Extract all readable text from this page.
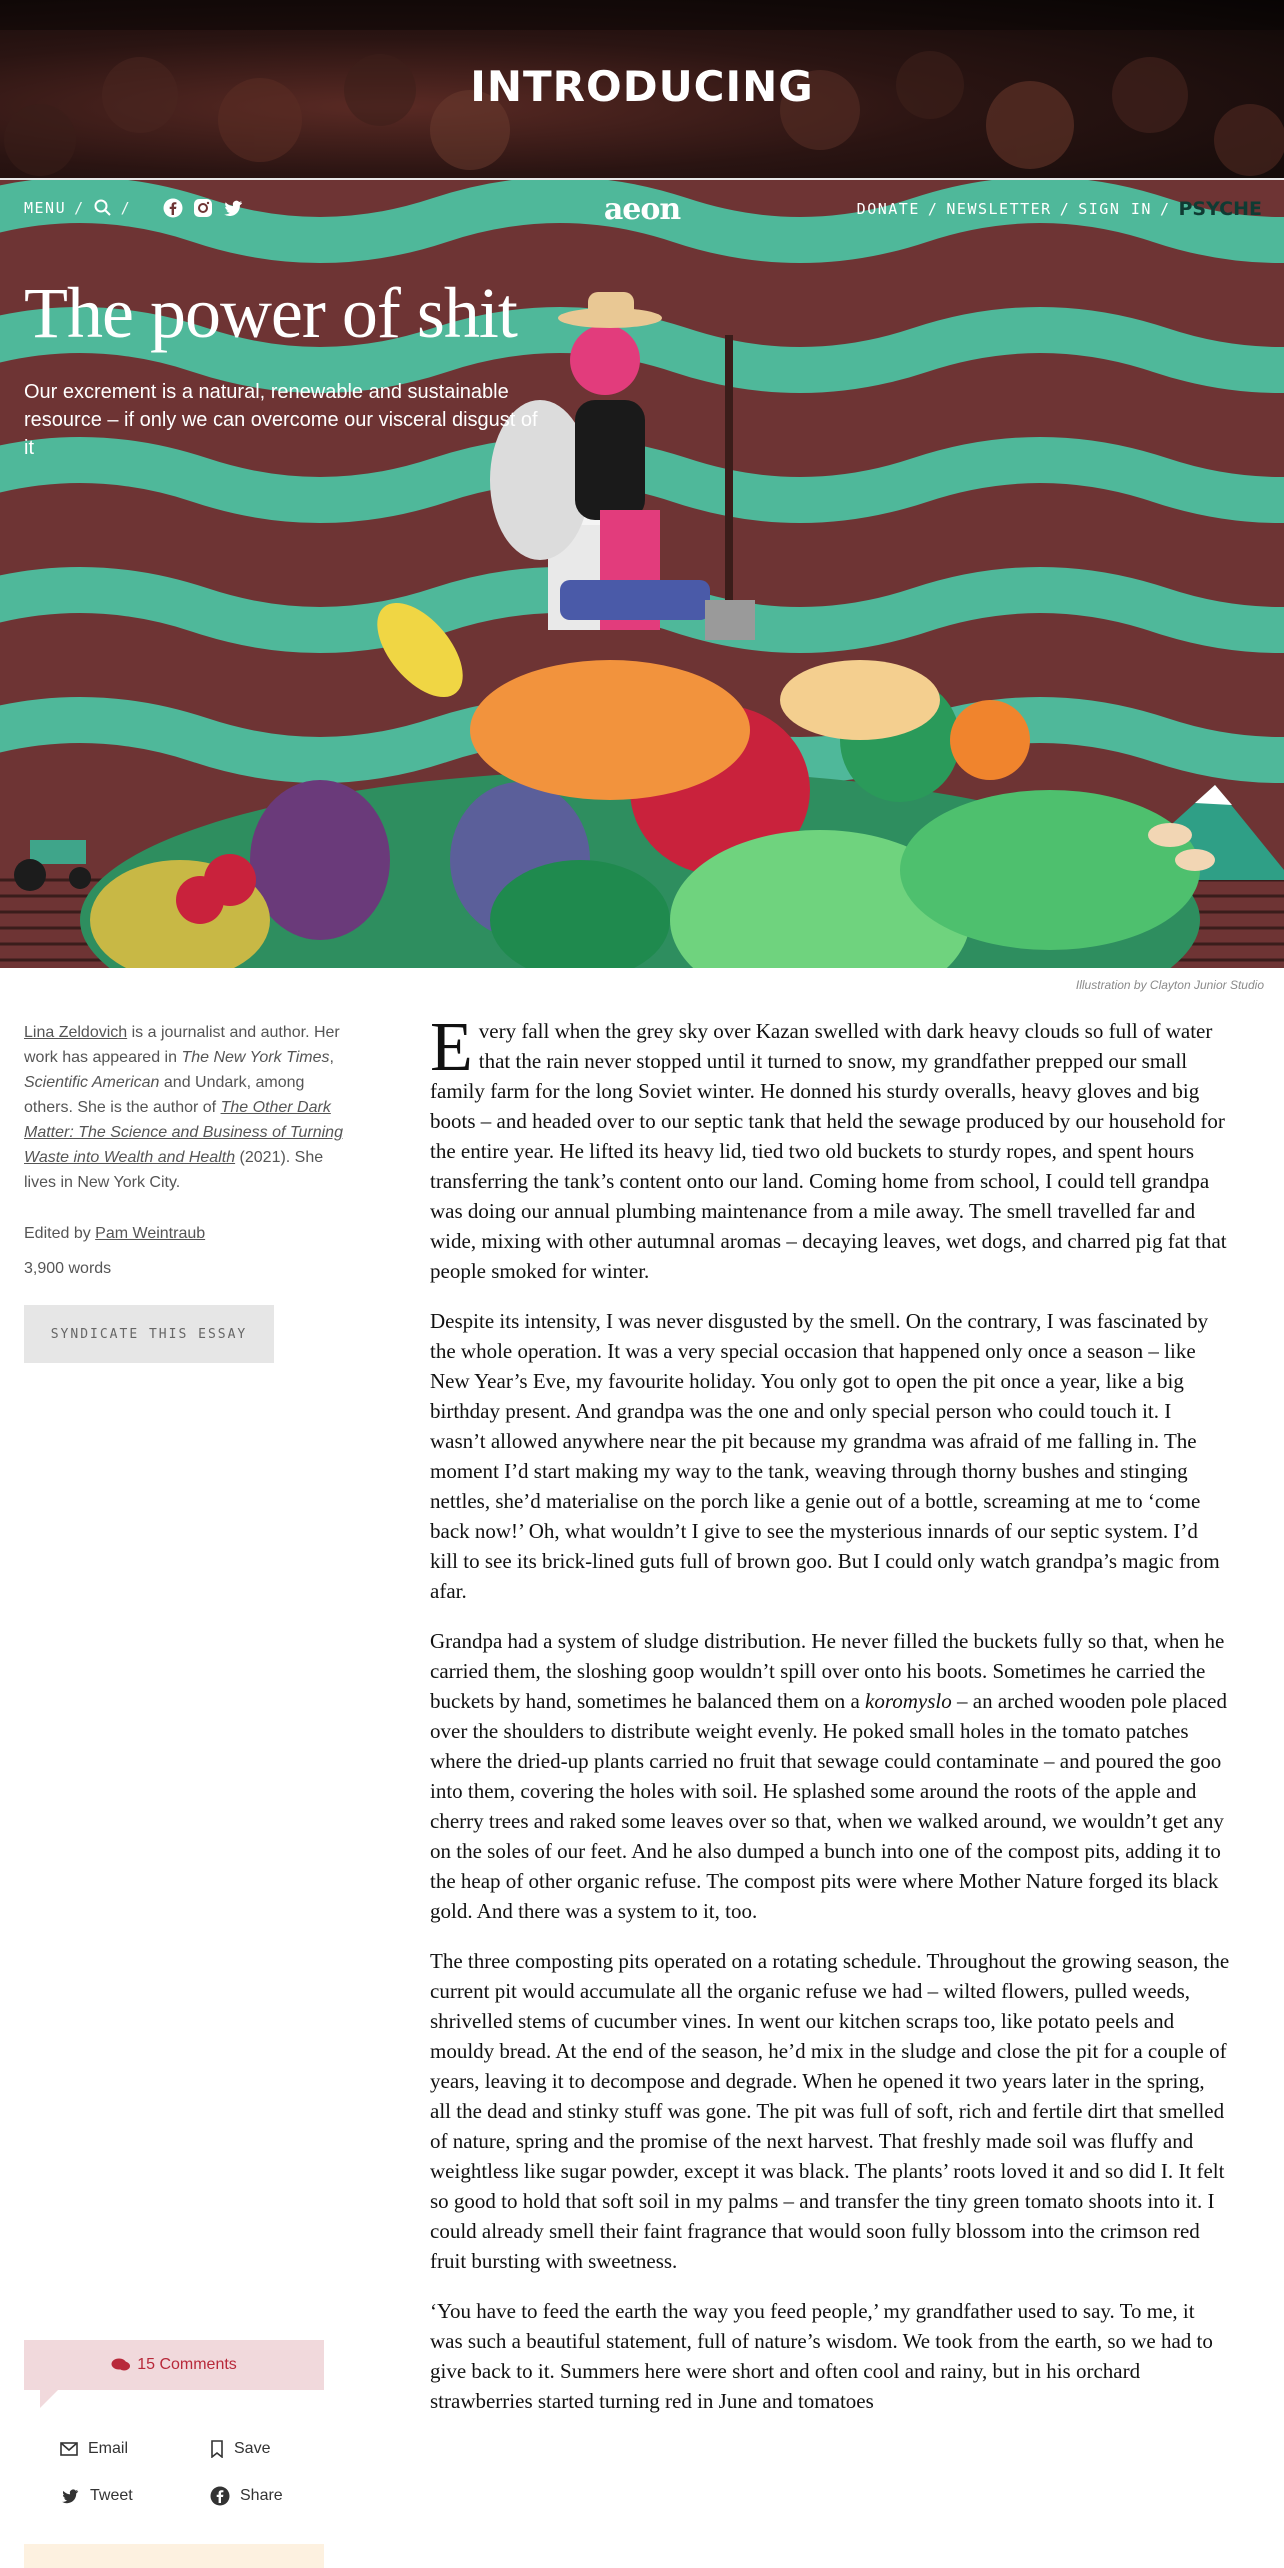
INTRODUCING
MENU / /	aeon	DONATE / NEWSLETTER / SIGN IN / PSYCHE
The power of shit
Our excrement is a natural, renewable and sustainable resource – if only we can overcome our visceral disgust of it
Illustration by Clayton Junior Studio
Lina Zeldovich is a journalist and author. Her work has appeared in The New York Times, Scientific American and Undark, among others. She is the author of The Other Dark Matter: The Science and Business of Turning Waste into Wealth and Health (2021). She lives in New York City.
Edited by Pam Weintraub
3,900 words
SYNDICATE THIS ESSAY
15 Comments
Email	Save
Tweet	Share

Every fall when the grey sky over Kazan swelled with dark heavy clouds so full of water that the rain never stopped until it turned to snow, my grandfather prepped our small family farm for the long Soviet winter. He donned his sturdy overalls, heavy gloves and big boots – and headed over to our septic tank that held the sewage produced by our household for the entire year. He lifted its heavy lid, tied two old buckets to sturdy ropes, and spent hours transferring the tank’s content onto our land. Coming home from school, I could tell grandpa was doing our annual plumbing maintenance from a mile away. The smell travelled far and wide, mixing with other autumnal aromas – decaying leaves, wet dogs, and charred pig fat that people smoked for winter.

Despite its intensity, I was never disgusted by the smell. On the contrary, I was fascinated by the whole operation. It was a very special occasion that happened only once a season – like New Year’s Eve, my favourite holiday. You only got to open the pit once a year, like a big birthday present. And grandpa was the one and only special person who could touch it. I wasn’t allowed anywhere near the pit because my grandma was afraid of me falling in. The moment I’d start making my way to the tank, weaving through thorny bushes and stinging nettles, she’d materialise on the porch like a genie out of a bottle, screaming at me to ‘come back now!’ Oh, what wouldn’t I give to see the mysterious innards of our septic system. I’d kill to see its brick-lined guts full of brown goo. But I could only watch grandpa’s magic from afar.

Grandpa had a system of sludge distribution. He never filled the buckets fully so that, when he carried them, the sloshing goop wouldn’t spill over onto his boots. Sometimes he carried the buckets by hand, sometimes he balanced them on a koromyslo – an arched wooden pole placed over the shoulders to distribute weight evenly. He poked small holes in the tomato patches where the dried-up plants carried no fruit that sewage could contaminate – and poured the goo into them, covering the holes with soil. He splashed some around the roots of the apple and cherry trees and raked some leaves over so that, when we walked around, we wouldn’t get any on the soles of our feet. And he also dumped a bunch into one of the compost pits, adding it to the heap of other organic refuse. The compost pits were where Mother Nature forged its black gold. And there was a system to it, too.

The three composting pits operated on a rotating schedule. Throughout the growing season, the current pit would accumulate all the organic refuse we had – wilted flowers, pulled weeds, shrivelled stems of cucumber vines. In went our kitchen scraps too, like potato peels and mouldy bread. At the end of the season, he’d mix in the sludge and close the pit for a couple of years, leaving it to decompose and degrade. When he opened it two years later in the spring, all the dead and stinky stuff was gone. The pit was full of soft, rich and fertile dirt that smelled of nature, spring and the promise of the next harvest. That freshly made soil was fluffy and weightless like sugar powder, except it was black. The plants’ roots loved it and so did I. It felt so good to hold that soft soil in my palms – and transfer the tiny green tomato shoots into it. I could already smell their faint fragrance that would soon fully blossom into the crimson red fruit bursting with sweetness.

‘You have to feed the earth the way you feed people,’ my grandfather used to say. To me, it was such a beautiful statement, full of nature’s wisdom. We took from the earth, so we had to give back to it. Summers here were short and often cool and rainy, but in his orchard strawberries started turning red in June and tomatoes
